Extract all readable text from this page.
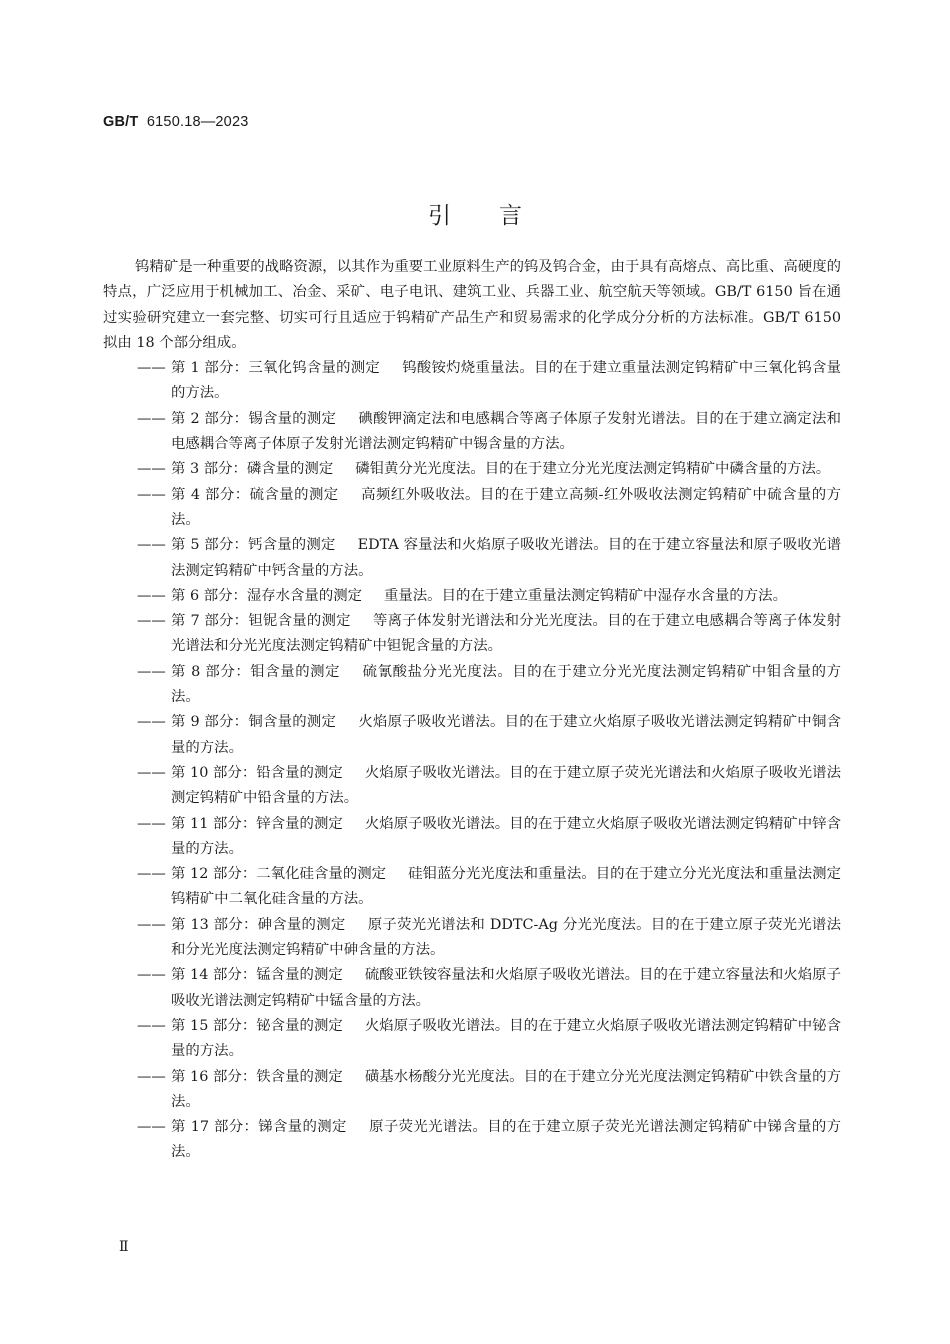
GB/T 6150.18—2023
引言

钨精矿是一种重要的战略资源，以其作为重要工业原料生产的钨及钨合金，由于具有高熔点、高比重、高硬度的特点，广泛应用于机械加工、冶金、采矿、电子电讯、建筑工业、兵器工业、航空航天等领域。GB/T 6150 旨在通过实验研究建立一套完整、切实可行且适应于钨精矿产品生产和贸易需求的化学成分分析的方法标准。GB/T 6150 拟由 18 个部分组成。

—— 第 1 部分：三氧化钨含量的测定 钨酸铵灼烧重量法。目的在于建立重量法测定钨精矿中三氧化钨含量的方法。
—— 第 2 部分：锡含量的测定 碘酸钾滴定法和电感耦合等离子体原子发射光谱法。目的在于建立滴定法和电感耦合等离子体原子发射光谱法测定钨精矿中锡含量的方法。
—— 第 3 部分：磷含量的测定 磷钼黄分光光度法。目的在于建立分光光度法测定钨精矿中磷含量的方法。
—— 第 4 部分：硫含量的测定 高频红外吸收法。目的在于建立高频-红外吸收法测定钨精矿中硫含量的方法。
—— 第 5 部分：钙含量的测定 EDTA 容量法和火焰原子吸收光谱法。目的在于建立容量法和原子吸收光谱法测定钨精矿中钙含量的方法。
—— 第 6 部分：湿存水含量的测定 重量法。目的在于建立重量法测定钨精矿中湿存水含量的方法。
—— 第 7 部分：钽铌含量的测定 等离子体发射光谱法和分光光度法。目的在于建立电感耦合等离子体发射光谱法和分光光度法测定钨精矿中钽铌含量的方法。
—— 第 8 部分：钼含量的测定 硫氰酸盐分光光度法。目的在于建立分光光度法测定钨精矿中钼含量的方法。
—— 第 9 部分：铜含量的测定 火焰原子吸收光谱法。目的在于建立火焰原子吸收光谱法测定钨精矿中铜含量的方法。
—— 第 10 部分：铅含量的测定 火焰原子吸收光谱法。目的在于建立原子荧光光谱法和火焰原子吸收光谱法测定钨精矿中铅含量的方法。
—— 第 11 部分：锌含量的测定 火焰原子吸收光谱法。目的在于建立火焰原子吸收光谱法测定钨精矿中锌含量的方法。
—— 第 12 部分：二氧化硅含量的测定 硅钼蓝分光光度法和重量法。目的在于建立分光光度法和重量法测定钨精矿中二氧化硅含量的方法。
—— 第 13 部分：砷含量的测定 原子荧光光谱法和 DDTC-Ag 分光光度法。目的在于建立原子荧光光谱法和分光光度法测定钨精矿中砷含量的方法。
—— 第 14 部分：锰含量的测定 硫酸亚铁铵容量法和火焰原子吸收光谱法。目的在于建立容量法和火焰原子吸收光谱法测定钨精矿中锰含量的方法。
—— 第 15 部分：铋含量的测定 火焰原子吸收光谱法。目的在于建立火焰原子吸收光谱法测定钨精矿中铋含量的方法。
—— 第 16 部分：铁含量的测定 磺基水杨酸分光光度法。目的在于建立分光光度法测定钨精矿中铁含量的方法。
—— 第 17 部分：锑含量的测定 原子荧光光谱法。目的在于建立原子荧光光谱法测定钨精矿中锑含量的方法。
Ⅱ
